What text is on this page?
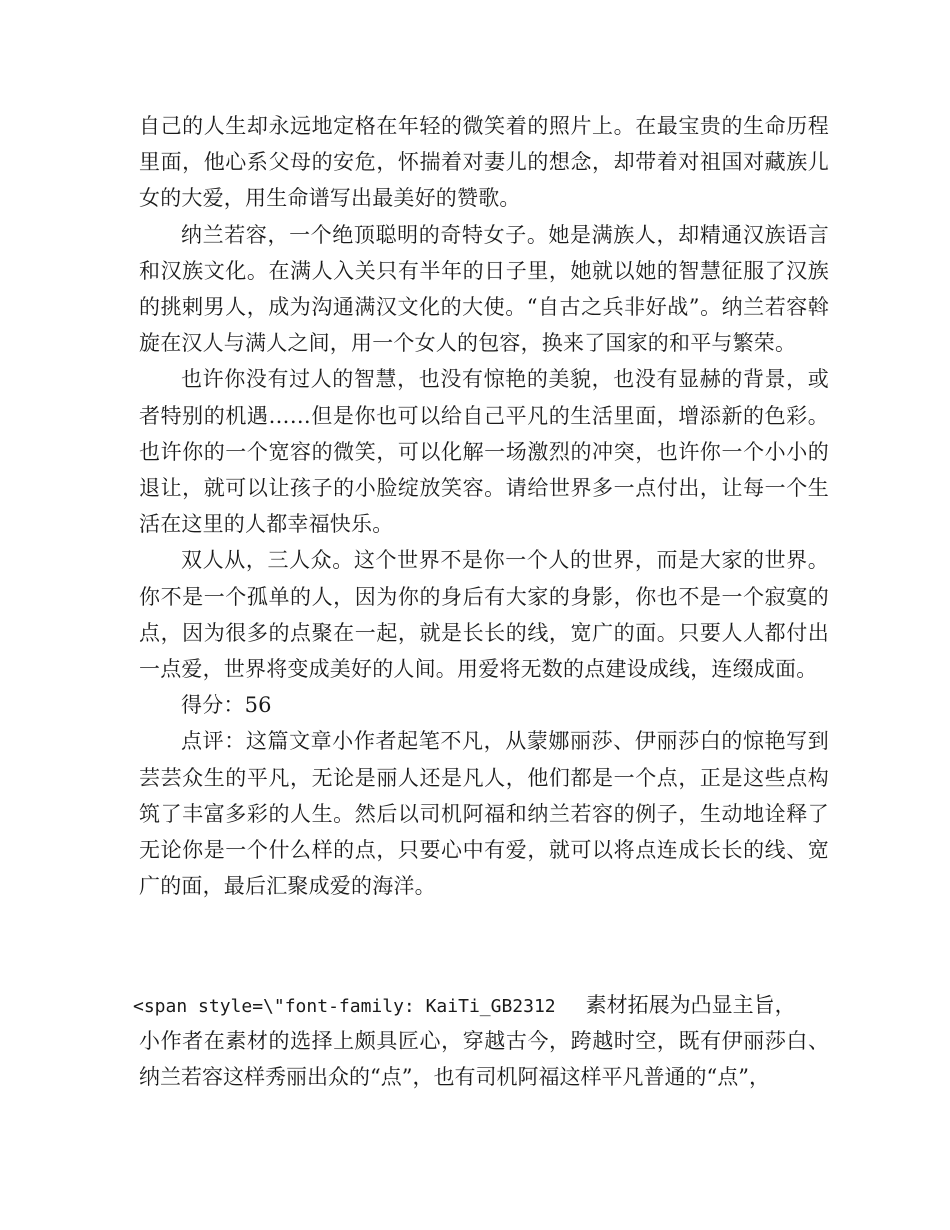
自己的人生却永远地定格在年轻的微笑着的照片上。在最宝贵的生命历程里面，他心系父母的安危，怀揣着对妻儿的想念，却带着对祖国对藏族儿女的大爱，用生命谱写出最美好的赞歌。

纳兰若容，一个绝顶聪明的奇特女子。她是满族人，却精通汉族语言和汉族文化。在满人入关只有半年的日子里，她就以她的智慧征服了汉族的挑剌男人，成为沟通满汉文化的大使。“自古之兵非好战”。纳兰若容斡旋在汉人与满人之间，用一个女人的包容，换来了国家的和平与繁荣。

也许你没有过人的智慧，也没有惊艳的美貌，也没有显赫的背景，或者特别的机遇……但是你也可以给自己平凡的生活里面，增添新的色彩。也许你的一个宽容的微笑，可以化解一场激烈的冲突，也许你一个小小的退让，就可以让孩子的小脸绽放笑容。请给世界多一点付出，让每一个生活在这里的人都幸福快乐。

双人从，三人众。这个世界不是你一个人的世界，而是大家的世界。你不是一个孤单的人，因为你的身后有大家的身影，你也不是一个寂寞的点，因为很多的点聚在一起，就是长长的线，宽广的面。只要人人都付出一点爱，世界将变成美好的人间。用爱将无数的点建设成线，连缀成面。

得分：56

点评：这篇文章小作者起笔不凡，从蒙娜丽莎、伊丽莎白的惊艳写到芸芸众生的平凡，无论是丽人还是凡人，他们都是一个点，正是这些点构筑了丰富多彩的人生。然后以司机阿福和纳兰若容的例子，生动地诠释了无论你是一个什么样的点，只要心中有爱，就可以将点连成长长的线、宽广的面，最后汇聚成爱的海洋。

<span style=\"font-family: KaiTi_GB2312 素材拓展为凸显主旨，

小作者在素材的选择上颇具匠心，穿越古今，跨越时空，既有伊丽莎白、纳兰若容这样秀丽出众的“点”，也有司机阿福这样平凡普通的“点”，
